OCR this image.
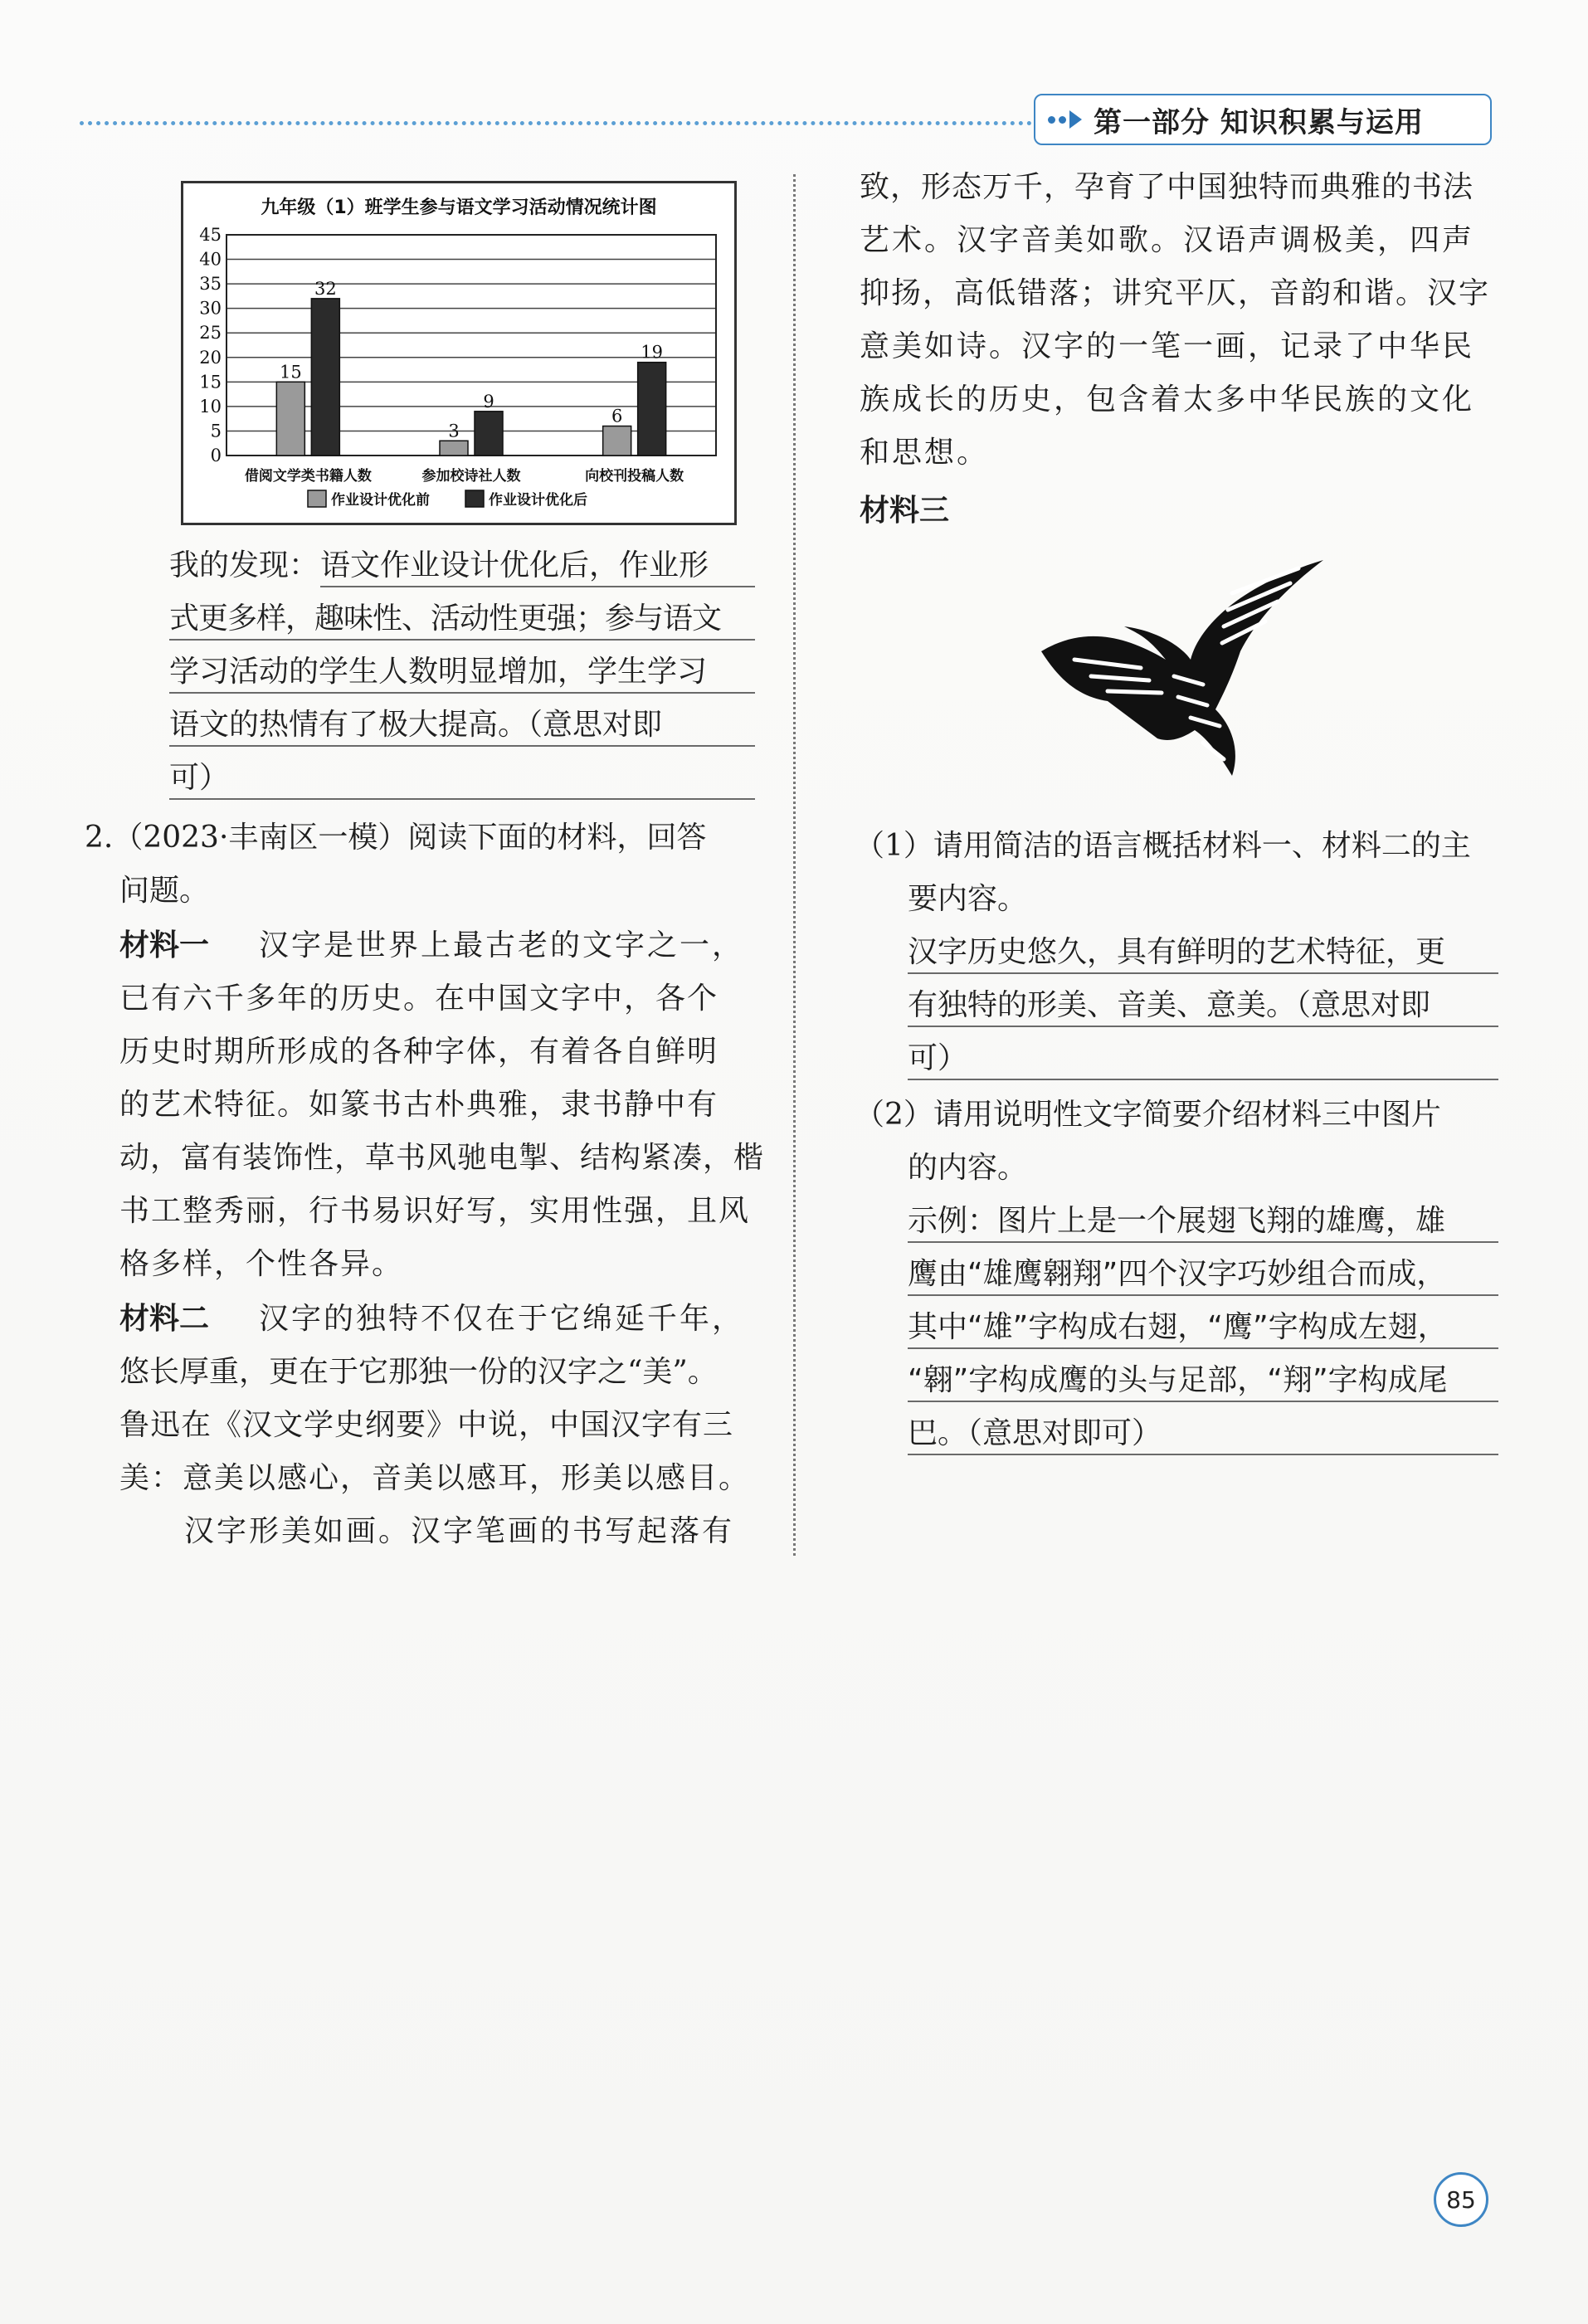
第一部分 知识积累与运用
九年级（1）班学生参与语文学习活动情况统计图
0
5
10
15
20
25
30
35
40
45
15
32
借阅文学类书籍人数
3
9
参加校诗社人数
6
19
向校刊投稿人数
作业设计优化前	作业设计优化后
我的发现： 语文作业设计优化后，作业形
式更多样，趣味性、活动性更强；参与语文
学习活动的学生人数明显增加，学生学习
语文的热情有了极大提高。（意思对即
可）
2.（2023·丰南区一模）阅读下面的材料，回答
问题。
材料一 汉字是世界上最古老的文字之一，
已有六千多年的历史。在中国文字中，各个
历史时期所形成的各种字体，有着各自鲜明
的艺术特征。如篆书古朴典雅，隶书静中有
动，富有装饰性，草书风驰电掣、结构紧凑，楷
书工整秀丽，行书易识好写，实用性强，且风
格多样，个性各异。
材料二 汉字的独特不仅在于它绵延千年，
悠长厚重，更在于它那独一份的汉字之“美”。
鲁迅在《汉文学史纲要》中说，中国汉字有三
美：意美以感心，音美以感耳，形美以感目。
汉字形美如画。汉字笔画的书写起落有
致，形态万千，孕育了中国独特而典雅的书法
艺术。汉字音美如歌。汉语声调极美，四声
抑扬，高低错落；讲究平仄，音韵和谐。汉字
意美如诗。汉字的一笔一画，记录了中华民
族成长的历史，包含着太多中华民族的文化
和思想。
材料三
（1）请用简洁的语言概括材料一、材料二的主
要内容。
汉字历史悠久，具有鲜明的艺术特征，更
有独特的形美、音美、意美。（意思对即
可）
（2）请用说明性文字简要介绍材料三中图片
的内容。
示例：图片上是一个展翅飞翔的雄鹰，雄
鹰由“雄鹰翱翔”四个汉字巧妙组合而成，
其中“雄”字构成右翅，“鹰”字构成左翅，
“翱”字构成鹰的头与足部，“翔”字构成尾
巴。（意思对即可）
85
